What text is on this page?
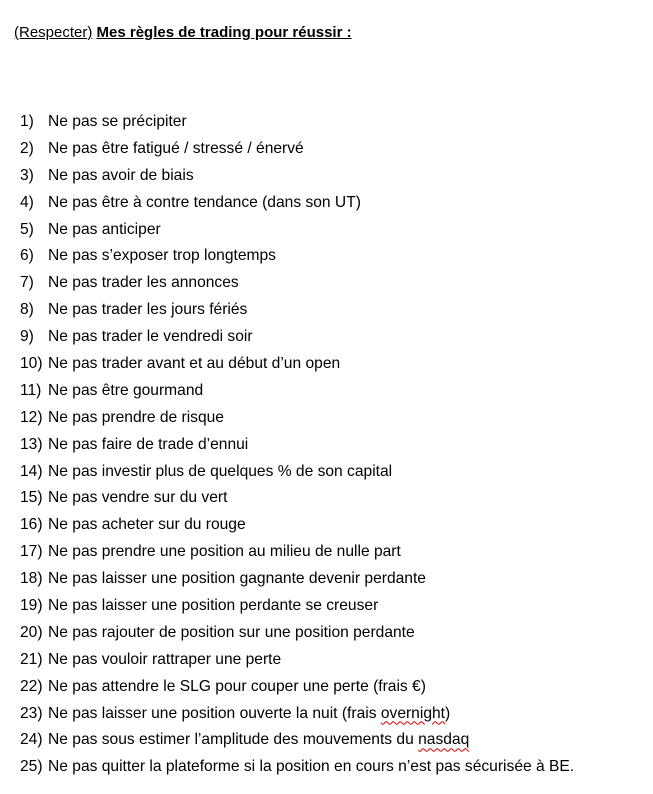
(Respecter) Mes règles de trading pour réussir :
1) Ne pas se précipiter
2) Ne pas être fatigué / stressé / énervé
3) Ne pas avoir de biais
4) Ne pas être à contre tendance (dans son UT)
5) Ne pas anticiper
6) Ne pas s’exposer trop longtemps
7) Ne pas trader les annonces
8) Ne pas trader les jours fériés
9) Ne pas trader le vendredi soir
10) Ne pas trader avant et au début d’un open
11) Ne pas être gourmand
12) Ne pas prendre de risque
13) Ne pas faire de trade d’ennui
14) Ne pas investir plus de quelques % de son capital
15) Ne pas vendre sur du vert
16) Ne pas acheter sur du rouge
17) Ne pas prendre une position au milieu de nulle part
18) Ne pas laisser une position gagnante devenir perdante
19) Ne pas laisser une position perdante se creuser
20) Ne pas rajouter de position sur une position perdante
21) Ne pas vouloir rattraper une perte
22) Ne pas attendre le SLG pour couper une perte (frais €)
23) Ne pas laisser une position ouverte la nuit (frais overnight)
24) Ne pas sous estimer l’amplitude des mouvements du nasdaq
25) Ne pas quitter la plateforme si la position en cours n’est pas sécurisée à BE.
